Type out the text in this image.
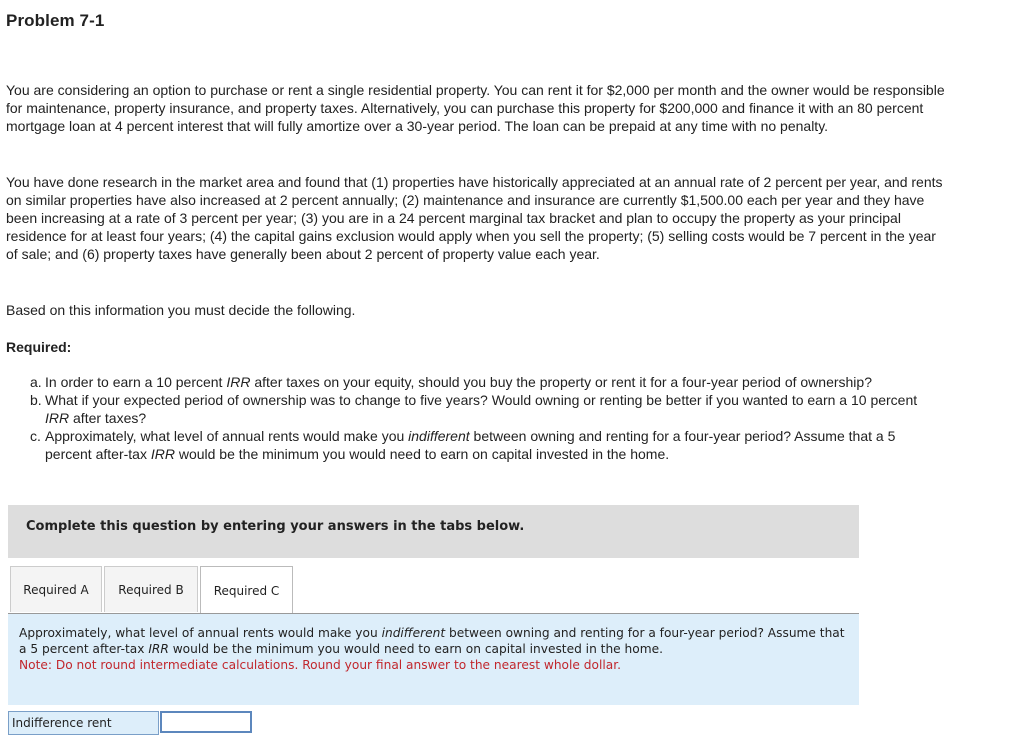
Problem 7-1

You are considering an option to purchase or rent a single residential property. You can rent it for $2,000 per month and the owner would be responsible for maintenance, property insurance, and property taxes. Alternatively, you can purchase this property for $200,000 and finance it with an 80 percent mortgage loan at 4 percent interest that will fully amortize over a 30-year period. The loan can be prepaid at any time with no penalty.

You have done research in the market area and found that (1) properties have historically appreciated at an annual rate of 2 percent per year, and rents on similar properties have also increased at 2 percent annually; (2) maintenance and insurance are currently $1,500.00 each per year and they have been increasing at a rate of 3 percent per year; (3) you are in a 24 percent marginal tax bracket and plan to occupy the property as your principal residence for at least four years; (4) the capital gains exclusion would apply when you sell the property; (5) selling costs would be 7 percent in the year of sale; and (6) property taxes have generally been about 2 percent of property value each year.

Based on this information you must decide the following.

Required:
a. In order to earn a 10 percent IRR after taxes on your equity, should you buy the property or rent it for a four-year period of ownership?
b. What if your expected period of ownership was to change to five years? Would owning or renting be better if you wanted to earn a 10 percent IRR after taxes?
c. Approximately, what level of annual rents would make you indifferent between owning and renting for a four-year period? Assume that a 5 percent after-tax IRR would be the minimum you would need to earn on capital invested in the home.
Complete this question by entering your answers in the tabs below.
Required A	Required B	Required C
Approximately, what level of annual rents would make you indifferent between owning and renting for a four-year period? Assume that a 5 percent after-tax IRR would be the minimum you would need to earn on capital invested in the home.
Note: Do not round intermediate calculations. Round your final answer to the nearest whole dollar.
Indifference rent
